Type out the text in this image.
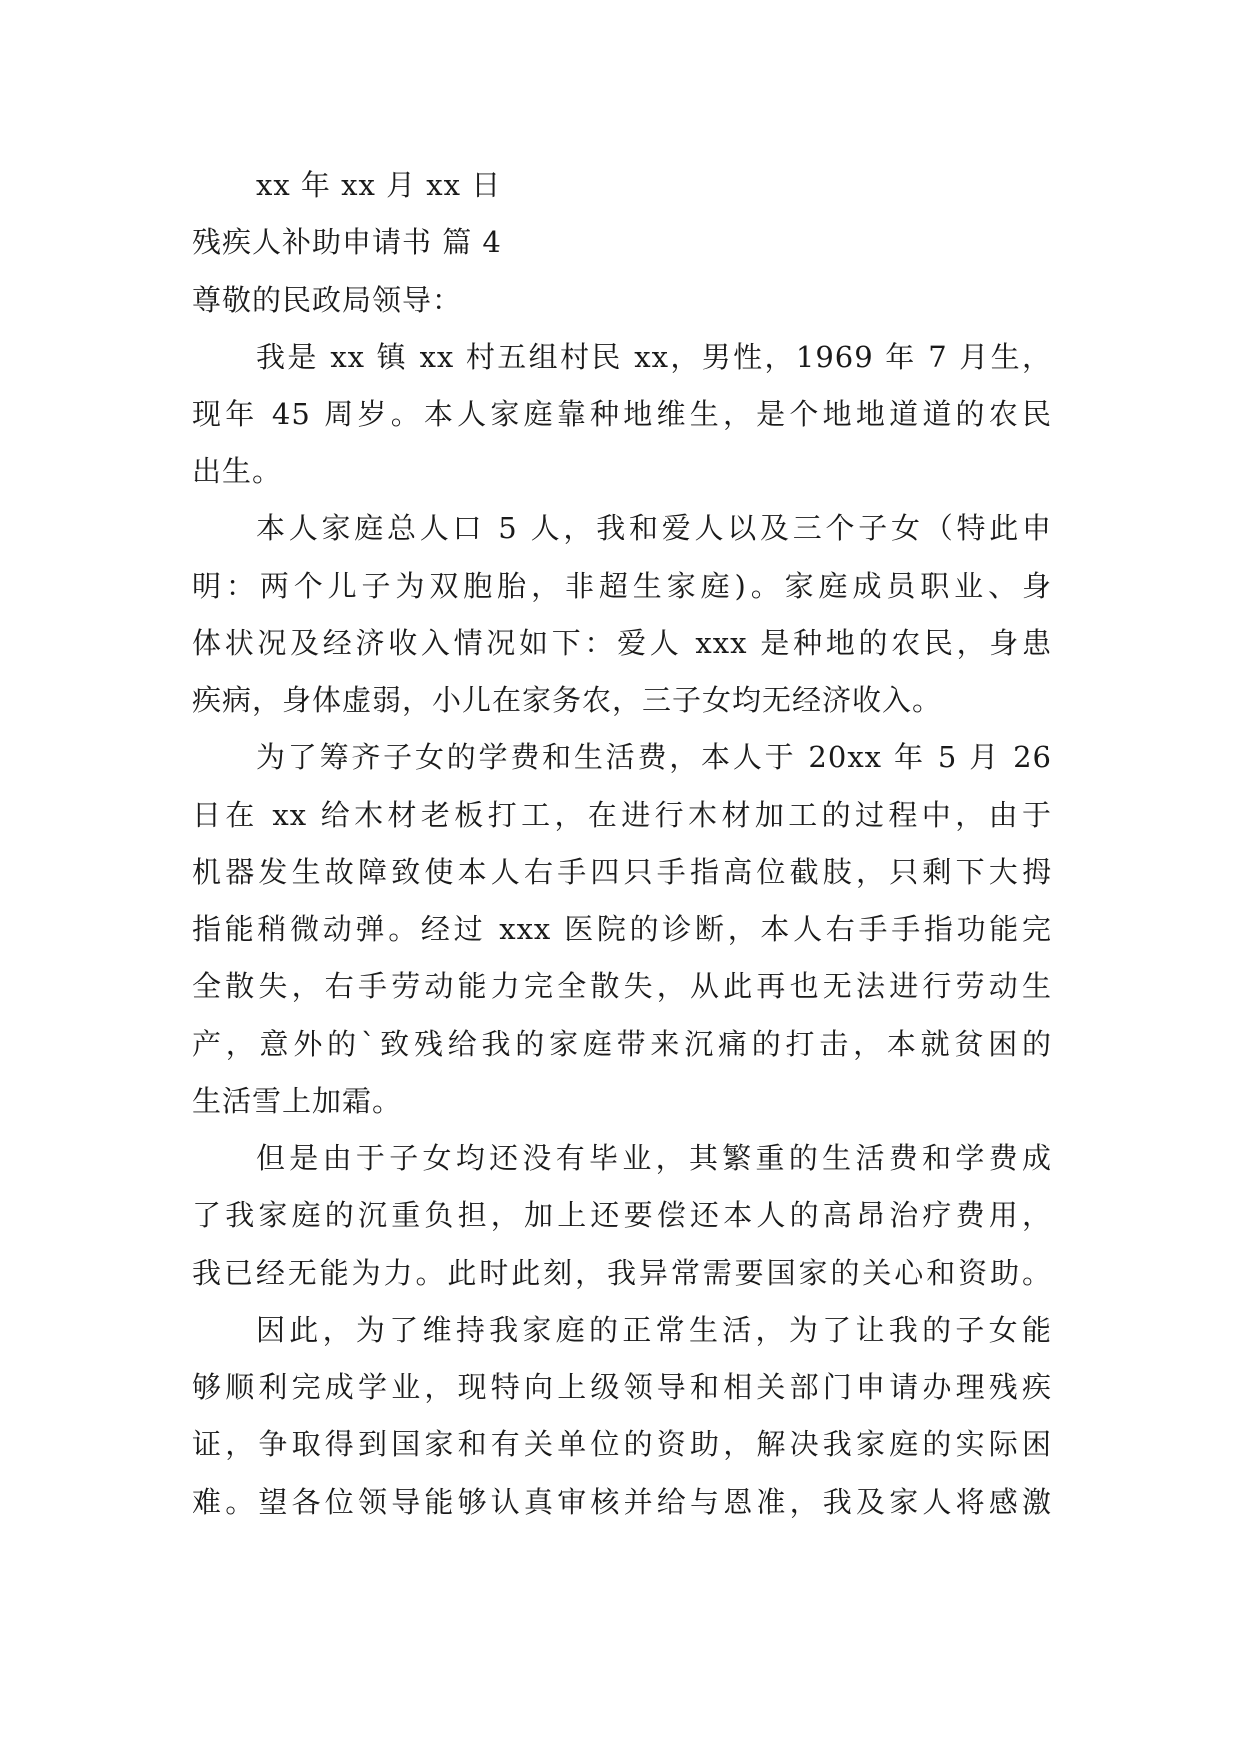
xx 年 xx 月 xx 日
残疾人补助申请书 篇 4
尊敬的民政局领导：
我是 xx 镇 xx 村五组村民 xx，男性，1969 年 7 月生，
现年 45 周岁。本人家庭靠种地维生，是个地地道道的农民
出生。
本人家庭总人口 5 人，我和爱人以及三个子女（特此申
明：两个儿子为双胞胎，非超生家庭)。家庭成员职业、身
体状况及经济收入情况如下：爱人 xxx 是种地的农民，身患
疾病，身体虚弱，小儿在家务农，三子女均无经济收入。
为了筹齐子女的学费和生活费，本人于 20xx 年 5 月 26
日在 xx 给木材老板打工，在进行木材加工的过程中，由于
机器发生故障致使本人右手四只手指高位截肢，只剩下大拇
指能稍微动弹。经过 xxx 医院的诊断，本人右手手指功能完
全散失，右手劳动能力完全散失，从此再也无法进行劳动生
产，意外的`致残给我的家庭带来沉痛的打击，本就贫困的
生活雪上加霜。
但是由于子女均还没有毕业，其繁重的生活费和学费成
了我家庭的沉重负担，加上还要偿还本人的高昂治疗费用，
我已经无能为力。此时此刻，我异常需要国家的关心和资助。
因此，为了维持我家庭的正常生活，为了让我的子女能
够顺利完成学业，现特向上级领导和相关部门申请办理残疾
证，争取得到国家和有关单位的资助，解决我家庭的实际困
难。望各位领导能够认真审核并给与恩准，我及家人将感激
